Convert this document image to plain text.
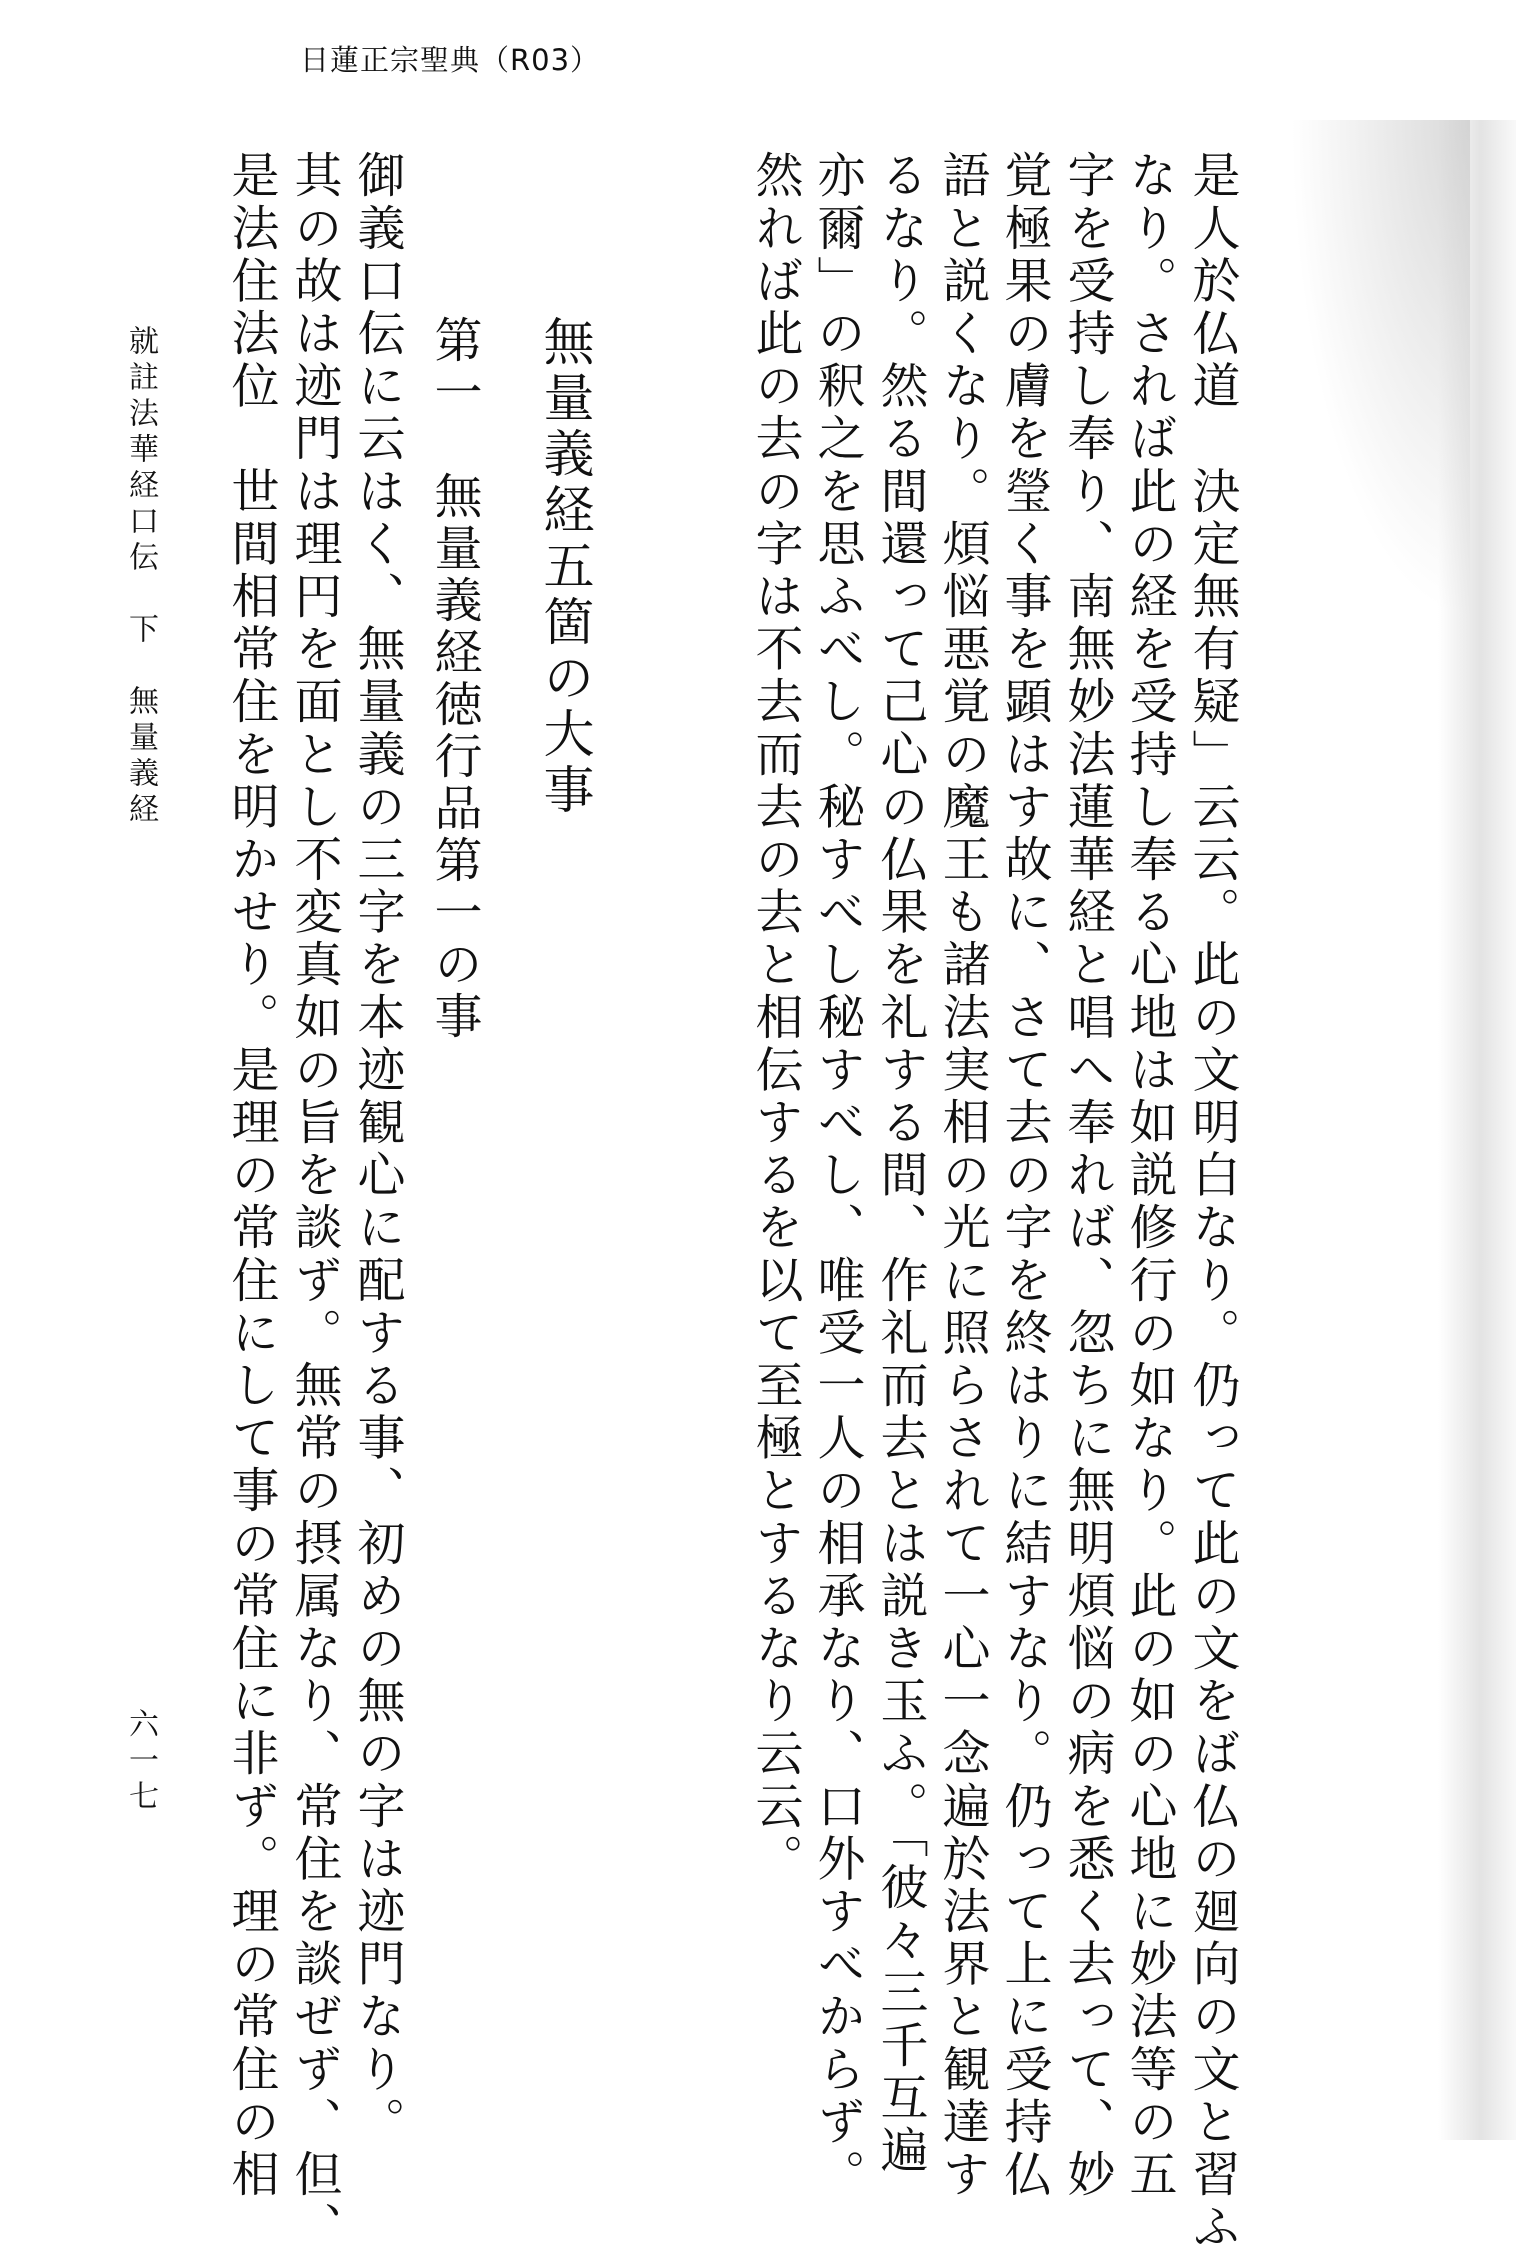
日蓮正宗聖典（R03）
是人於仏道　決定無有疑」云云。此の文明白なり。仍って此の文をば仏の廻向の文と習ふ
なり。されば此の経を受持し奉る心地は如説修行の如なり。此の如の心地に妙法等の五
字を受持し奉り、南無妙法蓮華経と唱へ奉れば、忽ちに無明煩悩の病を悉く去って、妙
覚極果の膚を瑩く事を顕はす故に、さて去の字を終はりに結すなり。仍って上に受持仏
語と説くなり。煩悩悪覚の魔王も諸法実相の光に照らされて一心一念遍於法界と観達す
るなり。然る間還って己心の仏果を礼する間、作礼而去とは説き玉ふ。「彼々三千互遍
亦爾」の釈之を思ふべし。秘すべし秘すべし、唯受一人の相承なり、口外すべからず。
然れば此の去の字は不去而去の去と相伝するを以て至極とするなり云云。
無量義経五箇の大事
第一　無量義経徳行品第一の事
御義口伝に云はく、無量義の三字を本迹観心に配する事、初めの無の字は迹門なり。
其の故は迹門は理円を面とし不変真如の旨を談ず。無常の摂属なり、常住を談ぜず、但、
是法住法位　世間相常住を明かせり。是理の常住にして事の常住に非ず。理の常住の相
就註法華経口伝　下　無量義経
六一七
